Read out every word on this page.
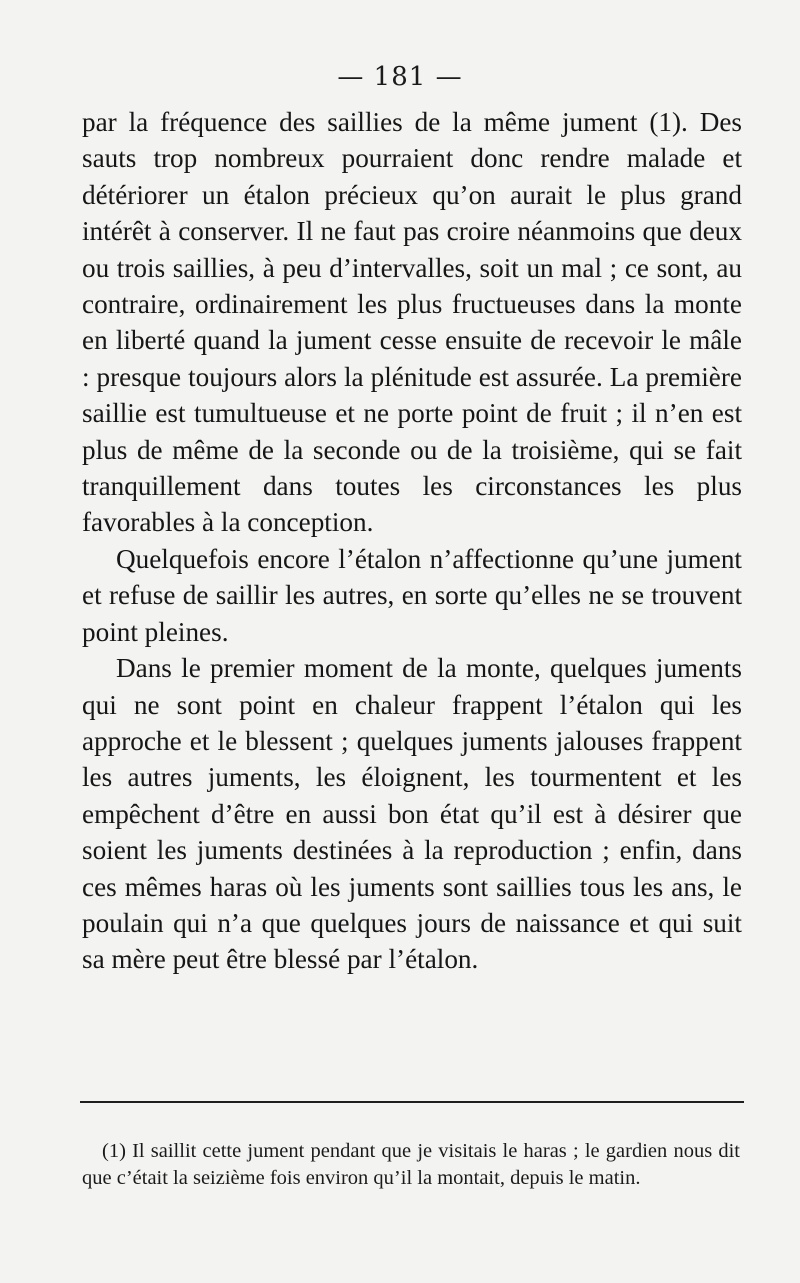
— 181 —

par la fréquence des saillies de la même jument (1). Des sauts trop nombreux pourraient donc rendre malade et détériorer un étalon précieux qu’on aurait le plus grand intérêt à conserver. Il ne faut pas croire néanmoins que deux ou trois saillies, à peu d’intervalles, soit un mal ; ce sont, au contraire, ordinairement les plus fructueuses dans la monte en liberté quand la jument cesse ensuite de recevoir le mâle : presque toujours alors la plénitude est assurée. La première saillie est tumultueuse et ne porte point de fruit ; il n’en est plus de même de la seconde ou de la troisième, qui se fait tranquillement dans toutes les circonstances les plus favorables à la conception.

Quelquefois encore l’étalon n’affectionne qu’une jument et refuse de saillir les autres, en sorte qu’elles ne se trouvent point pleines.

Dans le premier moment de la monte, quelques juments qui ne sont point en chaleur frappent l’étalon qui les approche et le blessent ; quelques juments jalouses frappent les autres juments, les éloignent, les tourmentent et les empêchent d’être en aussi bon état qu’il est à désirer que soient les juments destinées à la reproduction ; enfin, dans ces mêmes haras où les juments sont saillies tous les ans, le poulain qui n’a que quelques jours de naissance et qui suit sa mère peut être blessé par l’étalon.

(1) Il saillit cette jument pendant que je visitais le haras ; le gardien nous dit que c’était la seizième fois environ qu’il la montait, depuis le matin.
